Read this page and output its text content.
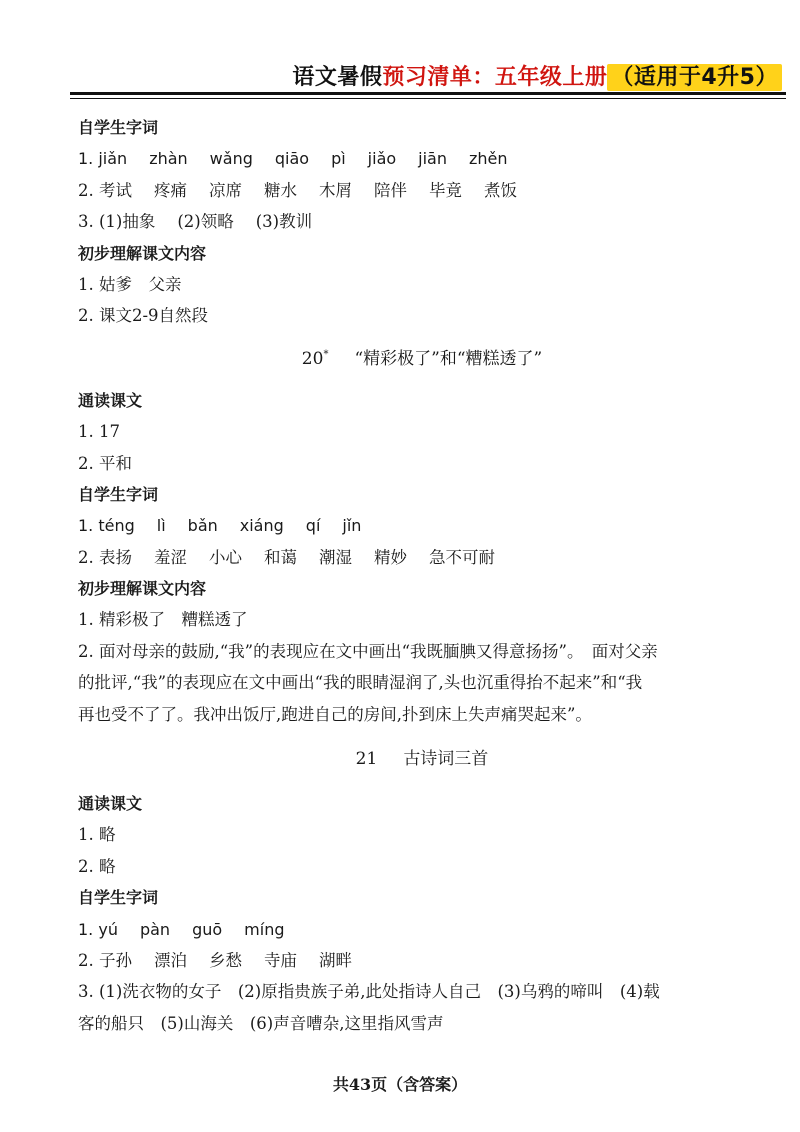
语文暑假预习清单：五年级上册 （适用于4升5）
自学生字词
1. jiǎn zhàn wǎng qiāo pì jiǎo jiān zhěn
2. 考试 疼痛 凉席 糖水 木屑 陪伴 毕竟 煮饭
3. (1)抽象 (2)领略 (3)教训
初步理解课文内容
1. 姑爹　父亲
2. 课文2-9自然段
20* “精彩极了”和“糟糕透了”
通读课文
1. 17
2. 平和
自学生字词
1. téng lì bǎn xiáng qí jǐn
2. 表扬 羞涩 小心 和蔼 潮湿 精妙 急不可耐
初步理解课文内容
1. 精彩极了　糟糕透了
2. 面对母亲的鼓励,“我”的表现应在文中画出“我既腼腆又得意扬扬”。　面对父亲
的批评,“我”的表现应在文中画出“我的眼睛湿润了,头也沉重得抬不起来”和“我
再也受不了了。我冲出饭厅,跑进自己的房间,扑到床上失声痛哭起来”。
21 古诗词三首
通读课文
1. 略
2. 略
自学生字词
1. yú pàn guō míng
2. 子孙 漂泊 乡愁 寺庙 湖畔
3. (1)洗衣物的女子　(2)原指贵族子弟,此处指诗人自己　(3)乌鸦的啼叫　(4)载
客的船只　(5)山海关　(6)声音嘈杂,这里指风雪声
共43页（含答案）
